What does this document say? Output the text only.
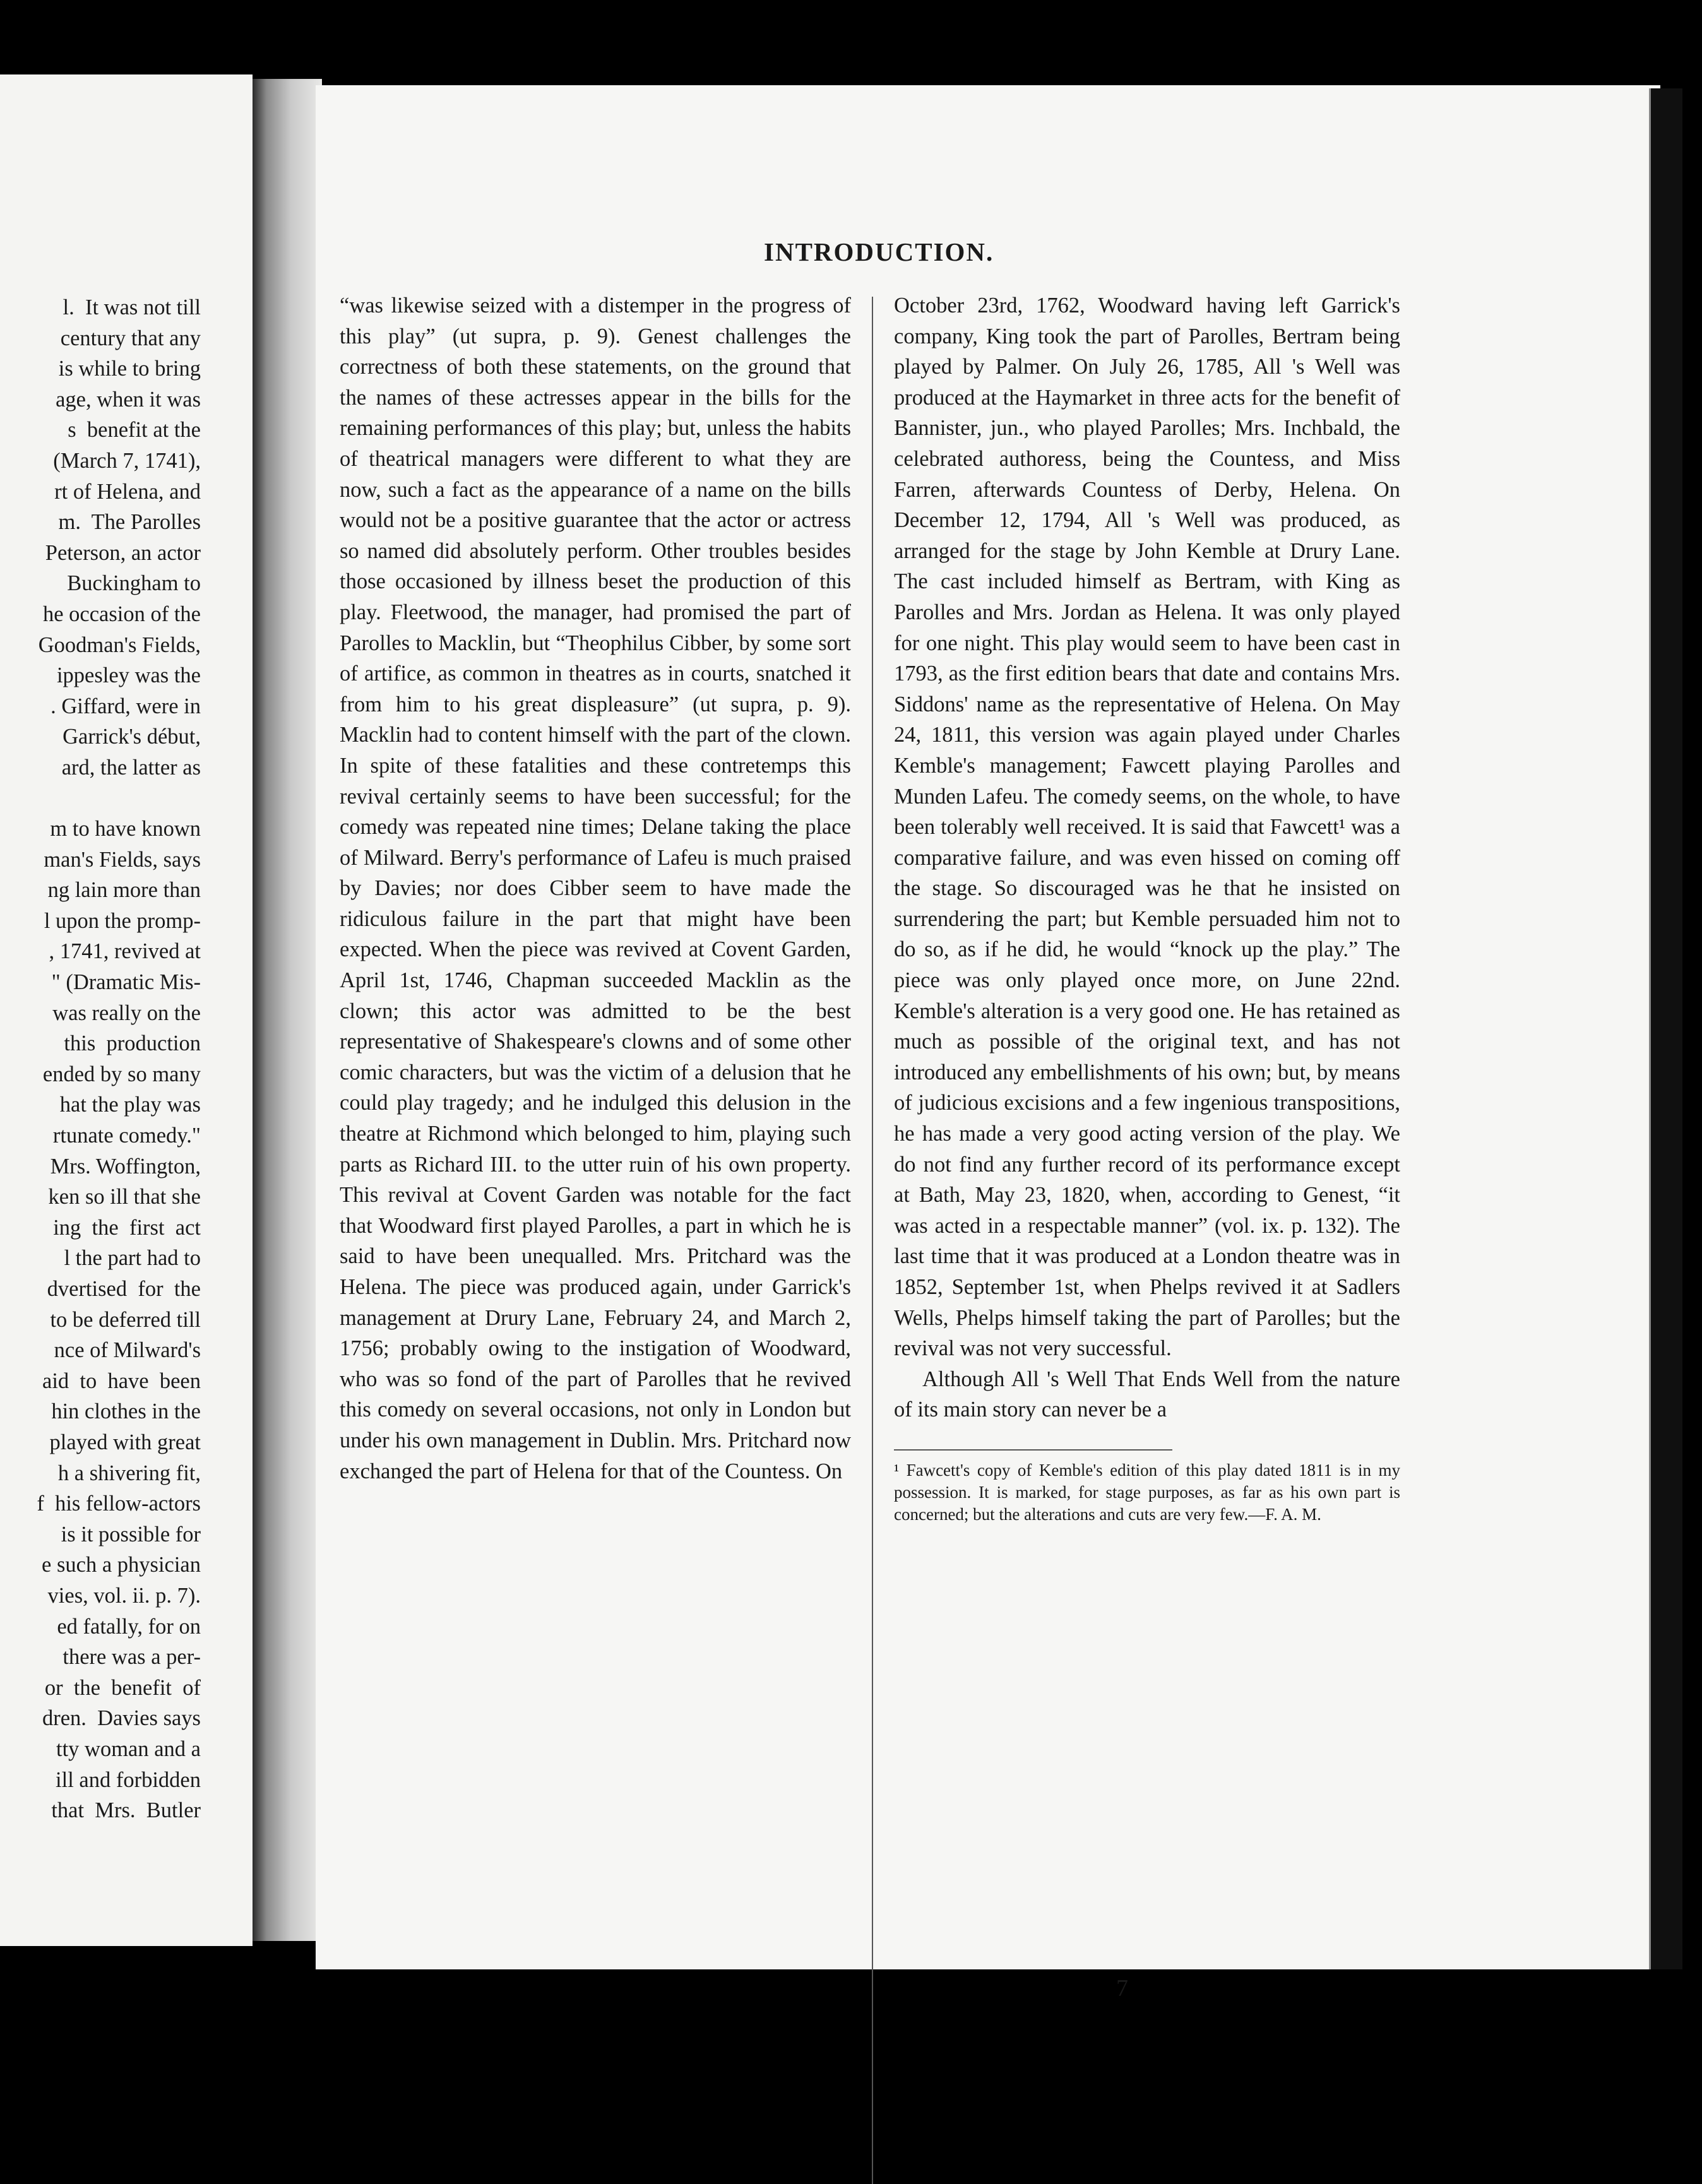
l.  It was not till
century that any
is while to bring
age, when it was
s  benefit at the
(March 7, 1741),
rt of Helena, and
m.  The Parolles
Peterson, an actor
Buckingham to
he occasion of the
Goodman's Fields,
ippesley was the
. Giffard, were in
Garrick's début,
ard, the latter as

m to have known
man's Fields, says
ng lain more than
l upon the promp-
, 1741, revived at
" (Dramatic Mis-
was really on the
this  production
ended by so many
hat the play was
rtunate comedy."
Mrs. Woffington,
ken so ill that she
ing  the  first  act
l the part had to
dvertised  for  the
to be deferred till
nce of Milward's
aid  to  have  been
hin clothes in the
played with great
h a shivering fit,
f  his fellow-actors
is it possible for
e such a physician
vies, vol. ii. p. 7).
ed fatally, for on
there was a per-
or  the  benefit  of
dren.  Davies says
tty woman and a
ill and forbidden
that  Mrs.  Butler
INTRODUCTION.

“was likewise seized with a distemper in the progress of this play” (ut supra, p. 9). Genest challenges the correctness of both these statements, on the ground that the names of these actresses appear in the bills for the remaining performances of this play; but, unless the habits of theatrical managers were different to what they are now, such a fact as the appearance of a name on the bills would not be a positive guarantee that the actor or actress so named did absolutely perform. Other troubles besides those occasioned by illness beset the production of this play. Fleetwood, the manager, had promised the part of Parolles to Macklin, but “Theophilus Cibber, by some sort of artifice, as common in theatres as in courts, snatched it from him to his great displeasure” (ut supra, p. 9). Macklin had to content himself with the part of the clown. In spite of these fatalities and these contretemps this revival certainly seems to have been successful; for the comedy was repeated nine times; Delane taking the place of Milward. Berry's performance of Lafeu is much praised by Davies; nor does Cibber seem to have made the ridiculous failure in the part that might have been expected. When the piece was revived at Covent Garden, April 1st, 1746, Chapman succeeded Macklin as the clown; this actor was admitted to be the best representative of Shakespeare's clowns and of some other comic characters, but was the victim of a delusion that he could play tragedy; and he indulged this delusion in the theatre at Richmond which belonged to him, playing such parts as Richard III. to the utter ruin of his own property. This revival at Covent Garden was notable for the fact that Woodward first played Parolles, a part in which he is said to have been unequalled. Mrs. Pritchard was the Helena. The piece was produced again, under Garrick's management at Drury Lane, February 24, and March 2, 1756; probably owing to the instigation of Woodward, who was so fond of the part of Parolles that he revived this comedy on several occasions, not only in London but under his own management in Dublin. Mrs. Pritchard now exchanged the part of Helena for that of the Countess. On

October 23rd, 1762, Woodward having left Garrick's company, King took the part of Parolles, Bertram being played by Palmer. On July 26, 1785, All 's Well was produced at the Haymarket in three acts for the benefit of Bannister, jun., who played Parolles; Mrs. Inchbald, the celebrated authoress, being the Countess, and Miss Farren, afterwards Countess of Derby, Helena. On December 12, 1794, All 's Well was produced, as arranged for the stage by John Kemble at Drury Lane. The cast included himself as Bertram, with King as Parolles and Mrs. Jordan as Helena. It was only played for one night. This play would seem to have been cast in 1793, as the first edition bears that date and contains Mrs. Siddons' name as the representative of Helena. On May 24, 1811, this version was again played under Charles Kemble's management; Fawcett playing Parolles and Munden Lafeu. The comedy seems, on the whole, to have been tolerably well received. It is said that Fawcett¹ was a comparative failure, and was even hissed on coming off the stage. So discouraged was he that he insisted on surrendering the part; but Kemble persuaded him not to do so, as if he did, he would “knock up the play.” The piece was only played once more, on June 22nd. Kemble's alteration is a very good one. He has retained as much as possible of the original text, and has not introduced any embellishments of his own; but, by means of judicious excisions and a few ingenious transpositions, he has made a very good acting version of the play. We do not find any further record of its performance except at Bath, May 23, 1820, when, according to Genest, “it was acted in a respectable manner” (vol. ix. p. 132). The last time that it was produced at a London theatre was in 1852, September 1st, when Phelps revived it at Sadlers Wells, Phelps himself taking the part of Parolles; but the revival was not very successful.

Although All 's Well That Ends Well from the nature of its main story can never be a

¹ Fawcett's copy of Kemble's edition of this play dated 1811 is in my possession. It is marked, for stage purposes, as far as his own part is concerned; but the alterations and cuts are very few.—F. A. M.

7
